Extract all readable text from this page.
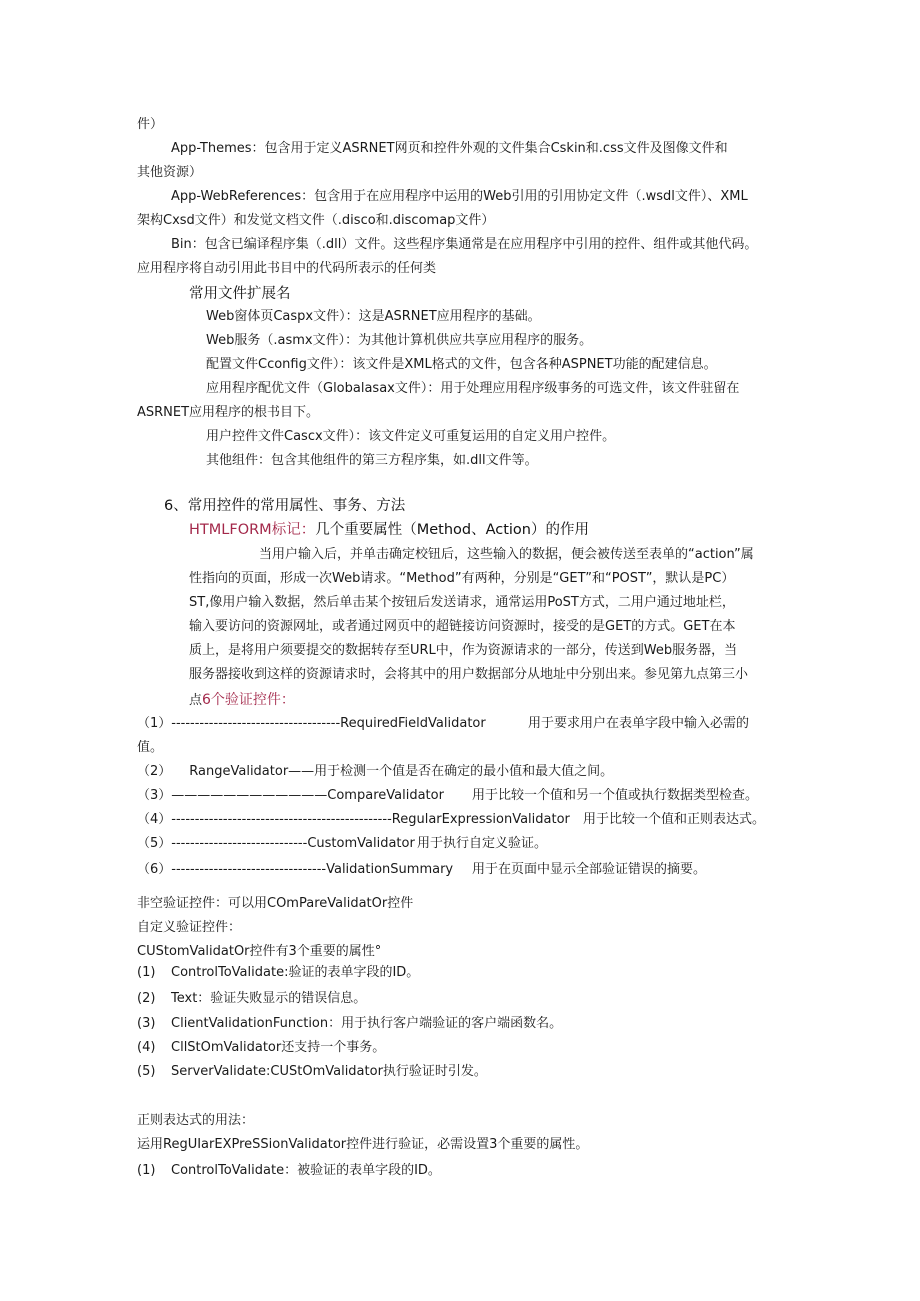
件）
App-Themes：包含用于定义ASRNET网页和控件外观的文件集合Cskin和.css文件及图像文件和
其他资源）
App-WebReferences：包含用于在应用程序中运用的Web引用的引用协定文件（.wsdl文件）、XML
架构Cxsd文件）和发觉文档文件（.disco和.discomap文件）
Bin：包含已编译程序集（.dll）文件。这些程序集通常是在应用程序中引用的控件、组件或其他代码。
应用程序将自动引用此书目中的代码所表示的任何类
常用文件扩展名
Web窗体页Caspx文件）：这是ASRNET应用程序的基础。
Web服务（.asmx文件）：为其他计算机供应共享应用程序的服务。
配置文件Cconfig文件）：该文件是XML格式的文件，包含各种ASPNET功能的配建信息。
应用程序配优文件（Globalasax文件）：用于处理应用程序级事务的可选文件，该文件驻留在
ASRNET应用程序的根书目下。
用户控件文件Cascx文件）：该文件定义可重复运用的自定义用户控件。
其他组件：包含其他组件的第三方程序集，如.dll文件等。
6、常用控件的常用属性、事务、方法
HTMLFORM标记：几个重要属性（Method、Action）的作用
当用户输入后，并单击确定校钮后，这些输入的数据，便会被传送至表单的“action”属
性指向的页面，形成一次Web请求。“Method”有两种，分别是“GET”和“POST”，默认是PC）
ST,像用户输入数据，然后单击某个按钮后发送请求，通常运用PoST方式，二用户通过地址栏，
输入要访问的资源网址，或者通过网页中的超链接访问资源时，接受的是GET的方式。GET在本
质上，是将用户须要提交的数据转存至URL中，作为资源请求的一部分，传送到Web服务器，当
服务器接收到这样的资源请求时，会将其中的用户数据部分从地址中分别出来。参见第九点第三小
点6个验证控件：
（1）------------------------------------RequiredFieldValidator	用于要求用户在表单字段中输入必需的
值。
（2） RangeValidator——用于检测一个值是否在确定的最小值和最大值之间。
（3）————————————CompareValidator 用于比较一个值和另一个值或执行数据类型检查。
（4）-----------------------------------------------RegularExpressionValidator 用于比较一个值和正则表达式。
（5）-----------------------------CustomValidator 用于执行自定义验证。
（6）---------------------------------ValidationSummary 用于在页面中显示全部验证错误的摘要。
非空验证控件：可以用COmPareValidatOr控件
自定义验证控件：
CUStomValidatOr控件有3个重要的属性°
(1) ControlToValidate:验证的表单字段的ID。
(2) Text：验证失败显示的错误信息。
(3) ClientValidationFunction：用于执行客户端验证的客户端函数名。
(4) CllStOmValidator还支持一个事务。
(5) ServerValidate:CUStOmValidator执行验证时引发。
正则表达式的用法：
运用RegUIarEXPreSSionValidator控件进行验证，必需设置3个重要的属性。
(1) ControlToValidate：被验证的表单字段的ID。
